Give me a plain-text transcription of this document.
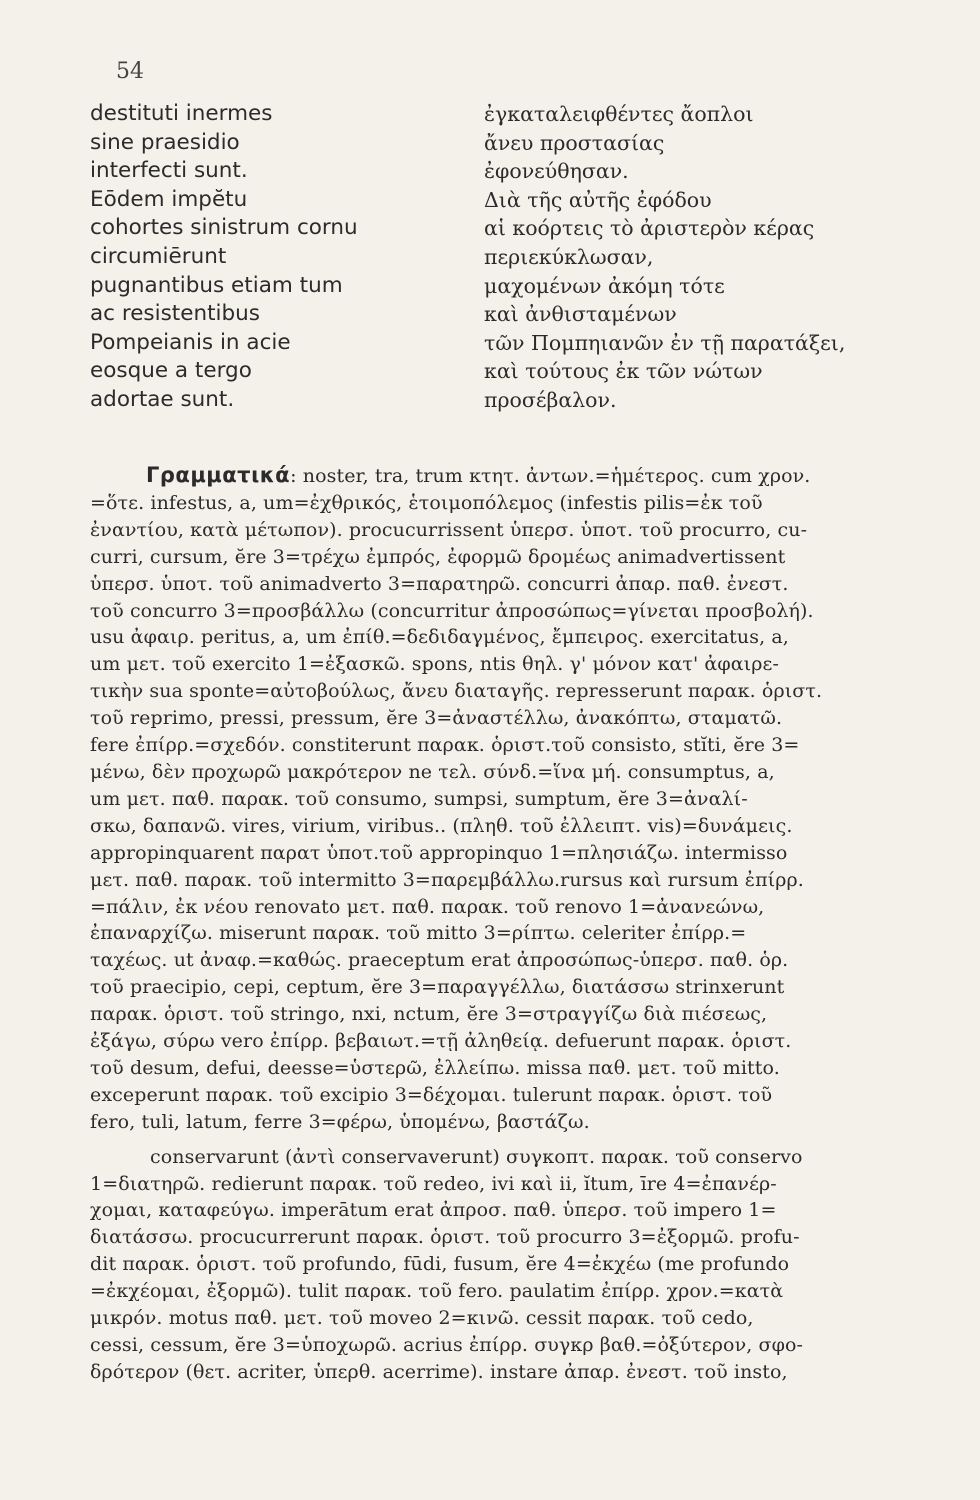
54
destituti inermes
sine praesidio
interfecti sunt.
Eōdem impĕtu
cohortes sinistrum cornu
circumiērunt
pugnantibus etiam tum
ac resistentibus
Pompeianis in acie
eosque a tergo
adortae sunt.
ἐγκαταλειφθέντες ἄοπλοι
ἄνευ προστασίας
ἐφονεύθησαν.
Διὰ τῆς αὐτῆς ἐφόδου
αἱ κοόρτεις τὸ ἀριστερὸν κέρας
περιεκύκλωσαν,
μαχομένων ἀκόμη τότε
καὶ ἀνθισταμένων
τῶν Πομπηιανῶν ἐν τῇ παρατάξει,
καὶ τούτους ἐκ τῶν νώτων
προσέβαλον.
Γραμματικά: noster, tra, trum κτητ. ἀντων.=ἡμέτερος. cum χρον.
=ὅτε. infestus, a, um=ἐχθρικός, ἑτοιμοπόλεμος (infestis pilis=ἐκ τοῦ
ἐναντίου, κατὰ μέτωπον). procucurrissent ὑπερσ. ὑποτ. τοῦ procurro, cu-
curri, cursum, ĕre 3=τρέχω ἐμπρός, ἐφορμῶ δρομέως animadvertissent
ὑπερσ. ὑποτ. τοῦ animadverto 3=παρατηρῶ. concurri ἀπαρ. παθ. ἐνεστ.
τοῦ concurro 3=προσβάλλω (concurritur ἀπροσώπως=γίνεται προσβολή).
usu ἀφαιρ. peritus, a, um ἐπίθ.=δεδιδαγμένος, ἔμπειρος. exercitatus, a,
um μετ. τοῦ exercito 1=ἐξασκῶ. spons, ntis θηλ. γ' μόνον κατ' ἀφαιρε-
τικὴν sua sponte=αὐτοβούλως, ἄνευ διαταγῆς. represserunt παρακ. ὁριστ.
τοῦ reprimo, pressi, pressum, ĕre 3=ἀναστέλλω, ἀνακόπτω, σταματῶ.
fere ἐπίρρ.=σχεδόν. constiterunt παρακ. ὁριστ.τοῦ consisto, stĭti, ĕre 3=
μένω, δὲν προχωρῶ μακρότερον ne τελ. σύνδ.=ἵνα μή. consumptus, a,
um μετ. παθ. παρακ. τοῦ consumo, sumpsi, sumptum, ĕre 3=ἀναλί-
σκω, δαπανῶ. vires, virium, viribus.. (πληθ. τοῦ ἐλλειπτ. vis)=δυνάμεις.
appropinquarent παρατ ὑποτ.τοῦ appropinquo 1=πλησιάζω. intermisso
μετ. παθ. παρακ. τοῦ intermitto 3=παρεμβάλλω.rursus καὶ rursum ἐπίρρ.
=πάλιν, ἐκ νέου renovato μετ. παθ. παρακ. τοῦ renovo 1=ἀνανεώνω,
ἐπαναρχίζω. miserunt παρακ. τοῦ mitto 3=ρίπτω. celeriter ἐπίρρ.=
ταχέως. ut ἀναφ.=καθώς. praeceptum erat ἀπροσώπως-ὑπερσ. παθ. ὁρ.
τοῦ praecipio, cepi, ceptum, ĕre 3=παραγγέλλω, διατάσσω strinxerunt
παρακ. ὁριστ. τοῦ stringo, nxi, nctum, ĕre 3=στραγγίζω διὰ πιέσεως,
ἐξάγω, σύρω vero ἐπίρρ. βεβαιωτ.=τῇ ἀληθείᾳ. defuerunt παρακ. ὁριστ.
τοῦ desum, defui, deesse=ὑστερῶ, ἐλλείπω. missa παθ. μετ. τοῦ mitto.
exceperunt παρακ. τοῦ excipio 3=δέχομαι. tulerunt παρακ. ὁριστ. τοῦ
fero, tuli, latum, ferre 3=φέρω, ὑπομένω, βαστάζω.
conservarunt (ἀντὶ conservaverunt) συγκοπτ. παρακ. τοῦ conservo
1=διατηρῶ. redierunt παρακ. τοῦ redeo, ivi καὶ ii, ĭtum, īre 4=ἐπανέρ-
χομαι, καταφεύγω. imperātum erat ἀπροσ. παθ. ὑπερσ. τοῦ impero 1=
διατάσσω. procucurrerunt παρακ. ὁριστ. τοῦ procurro 3=ἐξορμῶ. profu-
dit παρακ. ὁριστ. τοῦ profundo, fūdi, fusum, ĕre 4=ἐκχέω (me profundo
=ἐκχέομαι, ἐξορμῶ). tulit παρακ. τοῦ fero. paulatim ἐπίρρ. χρον.=κατὰ
μικρόν. motus παθ. μετ. τοῦ moveo 2=κινῶ. cessit παρακ. τοῦ cedo,
cessi, cessum, ĕre 3=ὑποχωρῶ. acrius ἐπίρρ. συγκρ βαθ.=ὀξύτερον, σφο-
δρότερον (θετ. acriter, ὑπερθ. acerrime). instare ἀπαρ. ἐνεστ. τοῦ insto,
